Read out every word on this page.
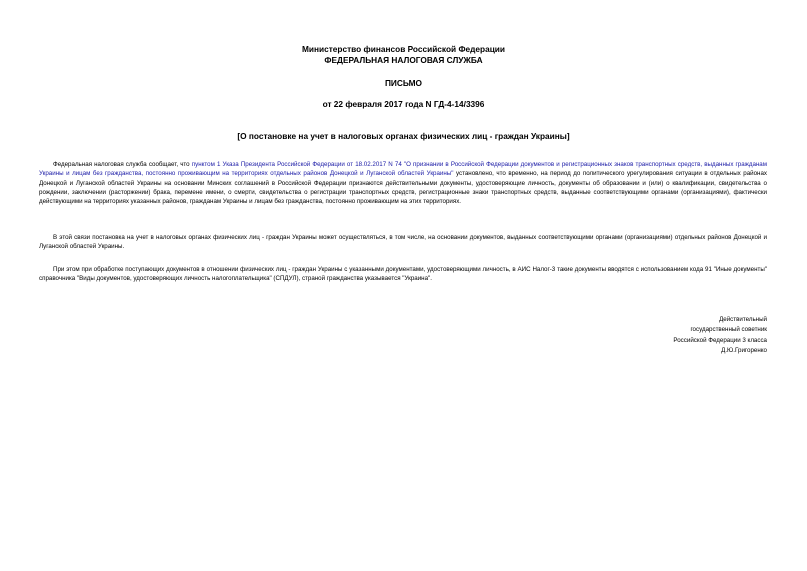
Министерство финансов Российской Федерации
ФЕДЕРАЛЬНАЯ НАЛОГОВАЯ СЛУЖБА
ПИСЬМО
от 22 февраля 2017 года N ГД-4-14/3396
[О постановке на учет в налоговых органах физических лиц - граждан Украины]
Федеральная налоговая служба сообщает, что пунктом 1 Указа Президента Российской Федерации от 18.02.2017 N 74 "О признании в Российской Федерации документов и регистрационных знаков транспортных средств, выданных гражданам Украины и лицам без гражданства, постоянно проживающим на территориях отдельных районов Донецкой и Луганской областей Украины" установлено, что временно, на период до политического урегулирования ситуации в отдельных районах Донецкой и Луганской областей Украины на основании Минских соглашений в Российской Федерации признаются действительными документы, удостоверяющие личность, документы об образовании и (или) о квалификации, свидетельства о рождении, заключении (расторжении) брака, перемене имени, о смерти, свидетельства о регистрации транспортных средств, регистрационные знаки транспортных средств, выданные соответствующими органами (организациями), фактически действующими на территориях указанных районов, гражданам Украины и лицам без гражданства, постоянно проживающим на этих территориях.
В этой связи постановка на учет в налоговых органах физических лиц - граждан Украины может осуществляться, в том числе, на основании документов, выданных соответствующими органами (организациями) отдельных районов Донецкой и Луганской областей Украины.
При этом при обработке поступающих документов в отношении физических лиц - граждан Украины с указанными документами, удостоверяющими личность, в АИС Налог-3 такие документы вводятся с использованием кода 91 "Иные документы" справочника "Виды документов, удостоверяющих личность налогоплательщика" (СПДУЛ), страной гражданства указывается "Украина".
Действительный
государственный советник
Российской Федерации 3 класса
Д.Ю.Григоренко
